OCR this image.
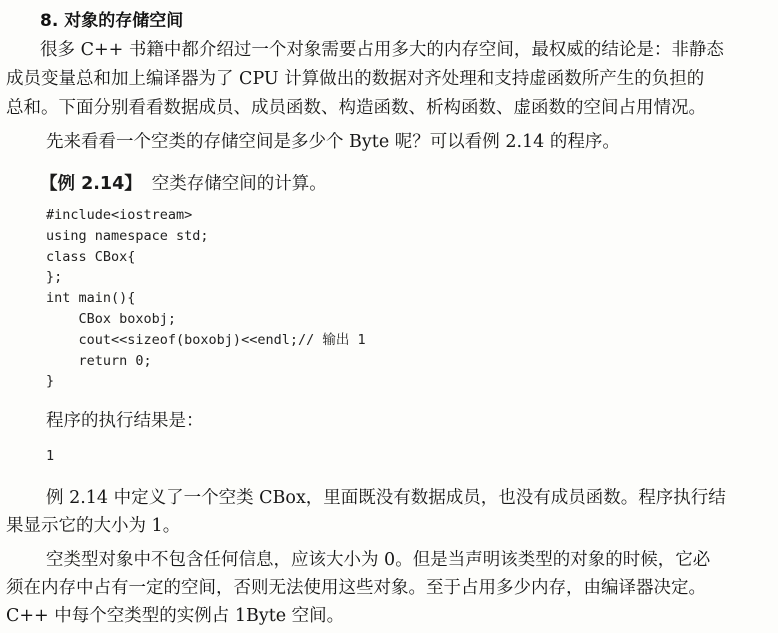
8. 对象的存储空间
很多 C++ 书籍中都介绍过一个对象需要占用多大的内存空间，最权威的结论是：非静态
成员变量总和加上编译器为了 CPU 计算做出的数据对齐处理和支持虚函数所产生的负担的
总和。下面分别看看数据成员、成员函数、构造函数、析构函数、虚函数的空间占用情况。
先来看看一个空类的存储空间是多少个 Byte 呢？可以看例 2.14 的程序。
【例 2.14】 空类存储空间的计算。
#include<iostream>
using namespace std;
class CBox{
};
int main(){
CBox boxobj;
cout<<sizeof(boxobj)<<endl;// 输出 1
return 0;
}
程序的执行结果是：
1
例 2.14 中定义了一个空类 CBox，里面既没有数据成员，也没有成员函数。程序执行结
果显示它的大小为 1。
空类型对象中不包含任何信息，应该大小为 0。但是当声明该类型的对象的时候，它必
须在内存中占有一定的空间，否则无法使用这些对象。至于占用多少内存，由编译器决定。
C++ 中每个空类型的实例占 1Byte 空间。
